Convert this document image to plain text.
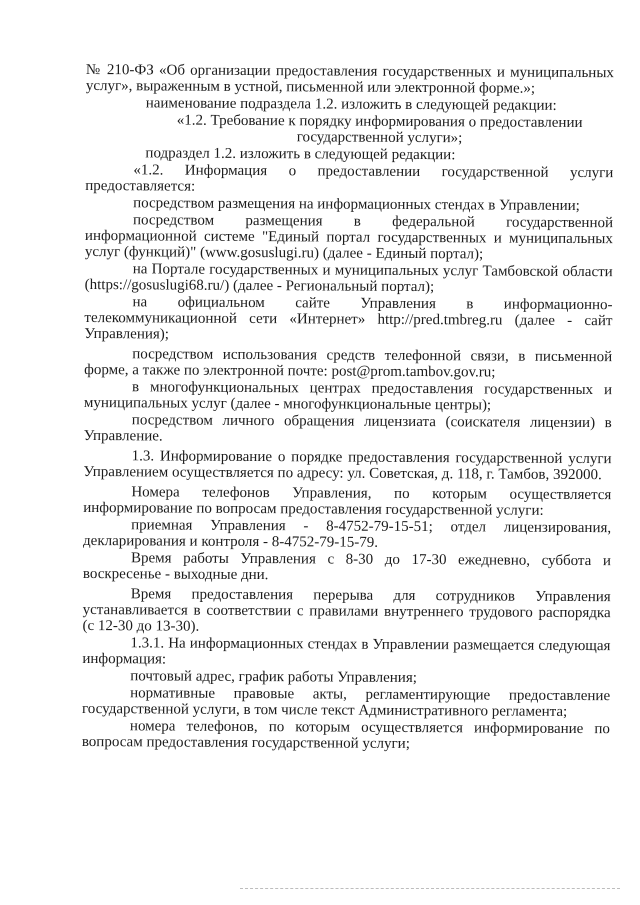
№ 210-ФЗ «Об организации предоставления государственных и муниципальных услуг», выраженным в устной, письменной или электронной форме.»;

наименование подраздела 1.2. изложить в следующей редакции:

«1.2. Требование к порядку информирования о предоставлении государственной услуги»;

подраздел 1.2. изложить в следующей редакции:

«1.2. Информация о предоставлении государственной услуги предоставляется:

посредством размещения на информационных стендах в Управлении;

посредством размещения в федеральной государственной информационной системе "Единый портал государственных и муниципальных услуг (функций)" (www.gosuslugi.ru) (далее - Единый портал);

на Портале государственных и муниципальных услуг Тамбовской области (https://gosuslugi68.ru/) (далее - Региональный портал);

на официальном сайте Управления в информационно-телекоммуникационной сети «Интернет» http://pred.tmbreg.ru (далее - сайт Управления);

посредством использования средств телефонной связи, в письменной форме, а также по электронной почте: post@prom.tambov.gov.ru;

в многофункциональных центрах предоставления государственных и муниципальных услуг (далее - многофункциональные центры);

посредством личного обращения лицензиата (соискателя лицензии) в Управление.

1.3. Информирование о порядке предоставления государственной услуги Управлением осуществляется по адресу: ул. Советская, д. 118, г. Тамбов, 392000.

Номера телефонов Управления, по которым осуществляется информирование по вопросам предоставления государственной услуги:

приемная Управления - 8-4752-79-15-51; отдел лицензирования, декларирования и контроля - 8-4752-79-15-79.

Время работы Управления с 8-30 до 17-30 ежедневно, суббота и воскресенье - выходные дни.

Время предоставления перерыва для сотрудников Управления устанавливается в соответствии с правилами внутреннего трудового распорядка (с 12-30 до 13-30).

1.3.1. На информационных стендах в Управлении размещается следующая информация:

почтовый адрес, график работы Управления;

нормативные правовые акты, регламентирующие предоставление государственной услуги, в том числе текст Административного регламента;

номера телефонов, по которым осуществляется информирование по вопросам предоставления государственной услуги;
